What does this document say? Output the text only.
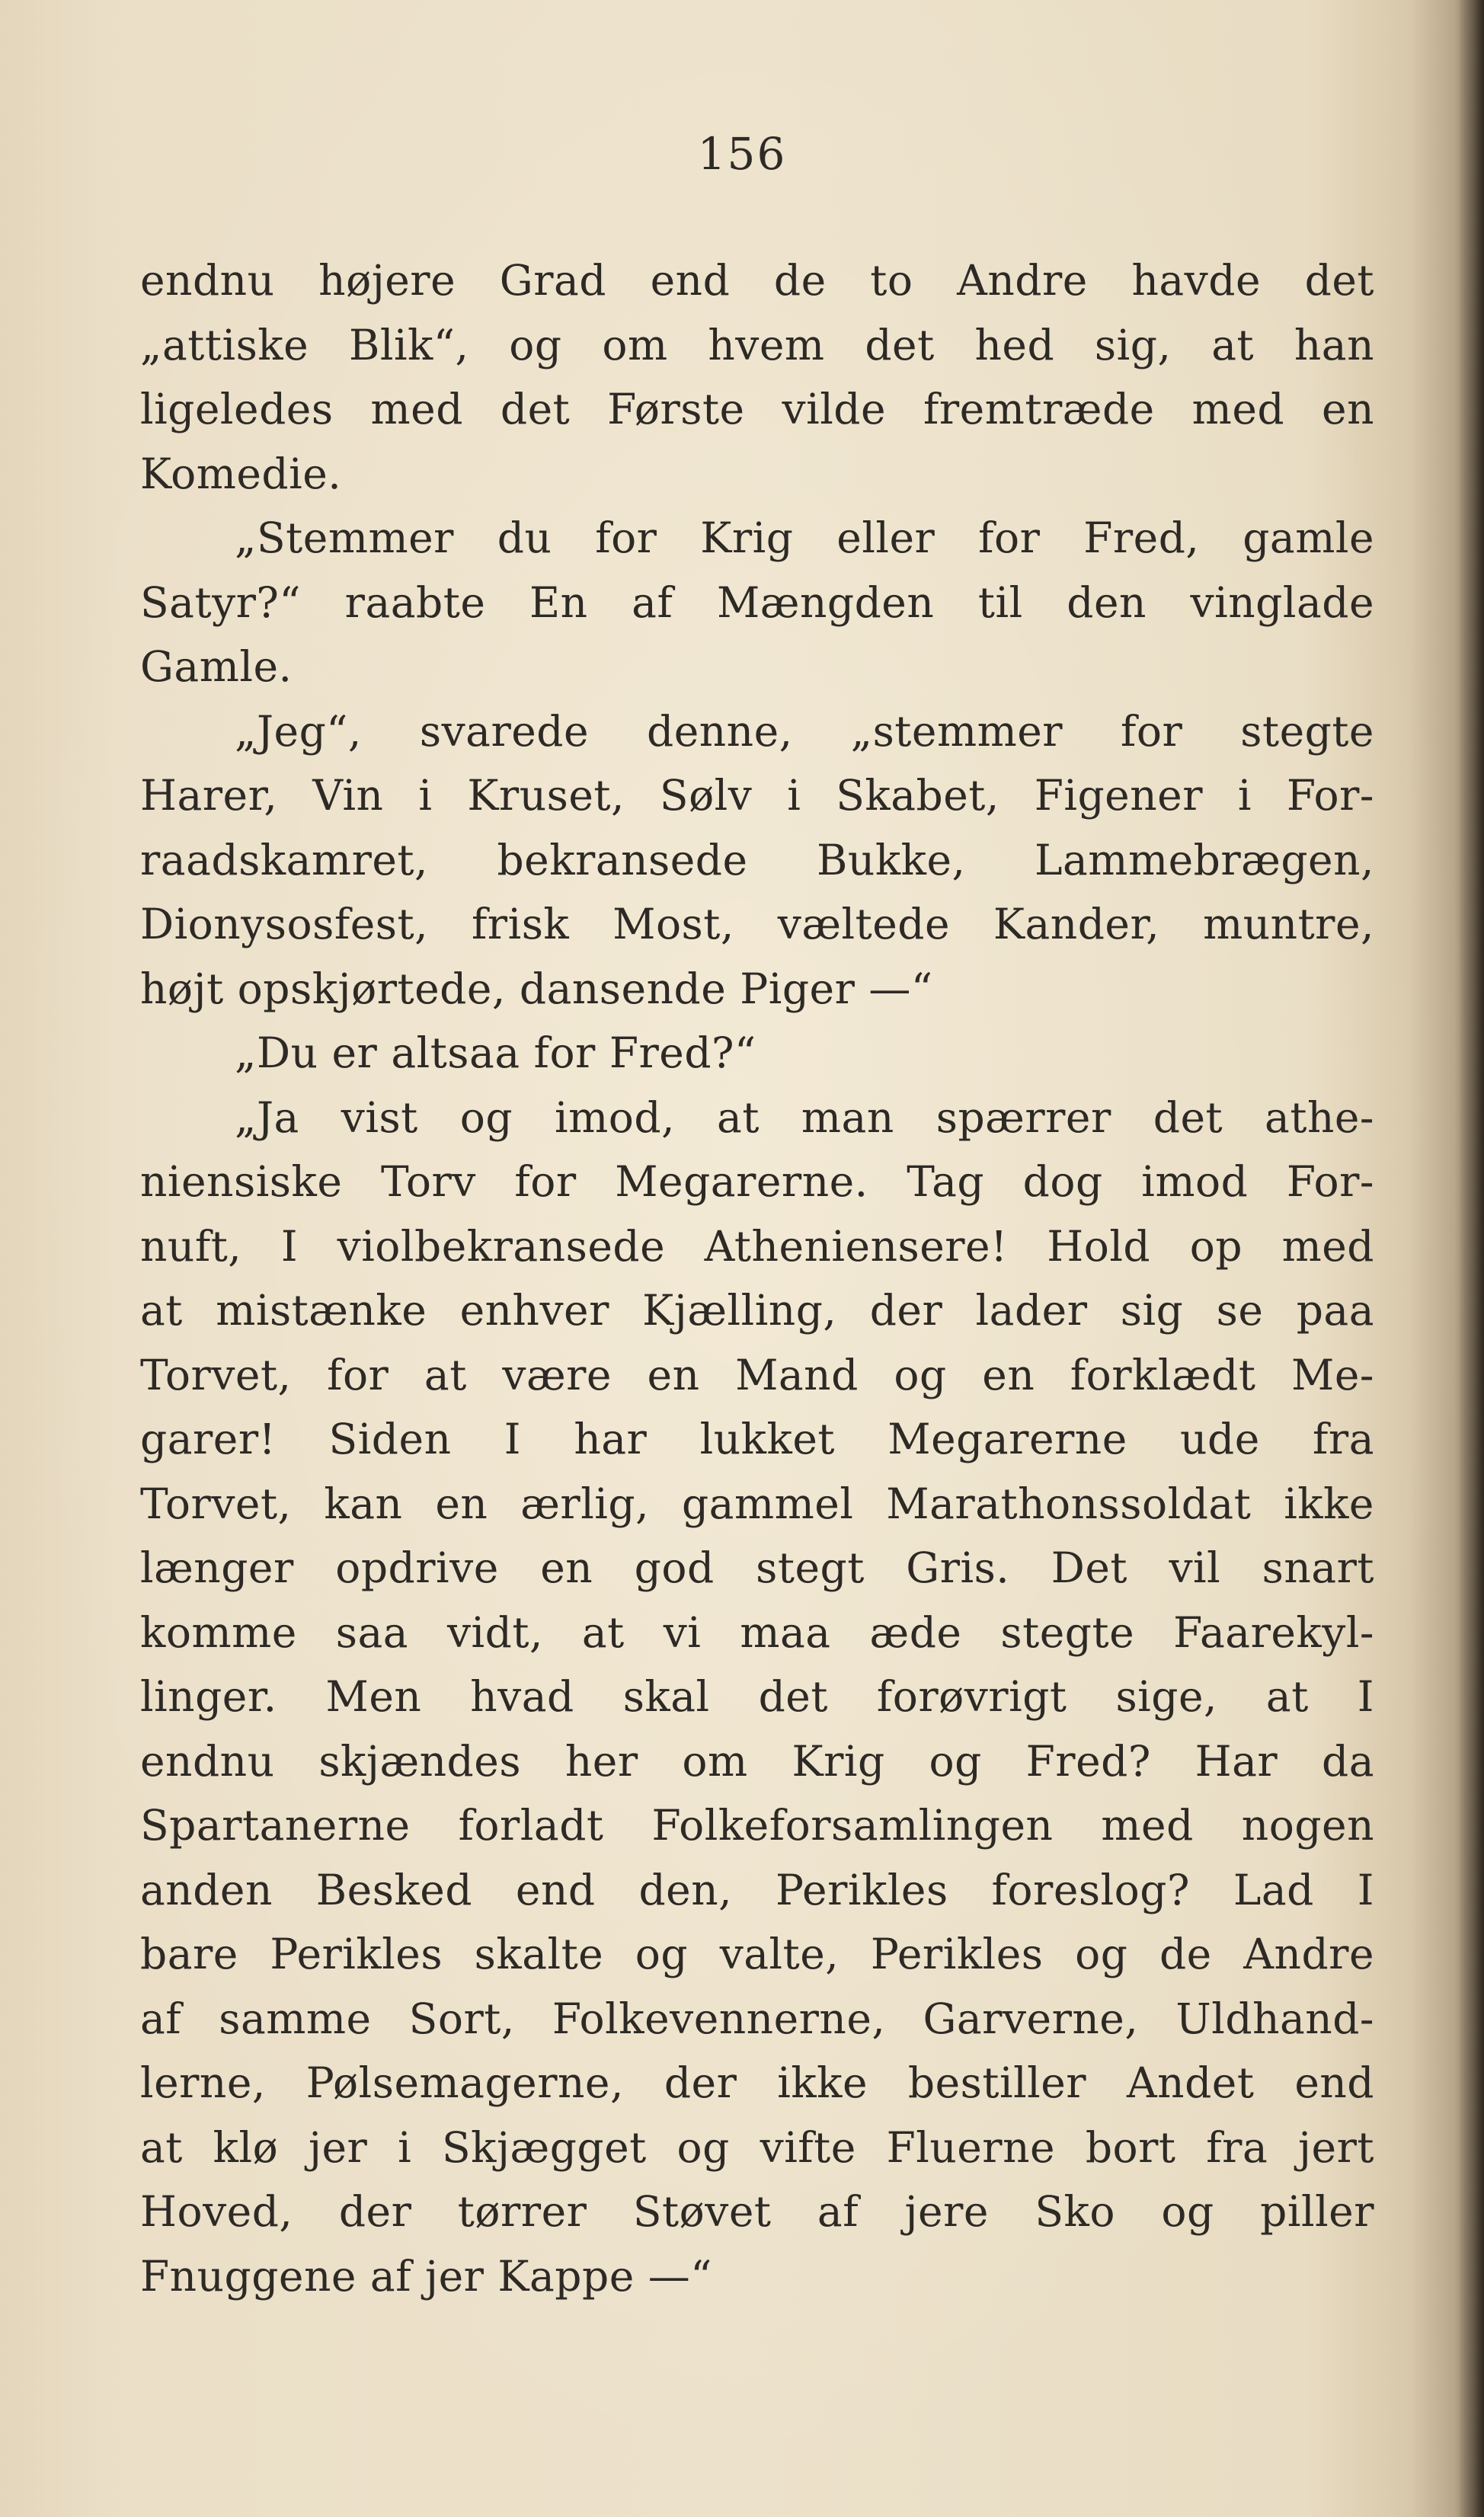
156
endnu højere Grad end de to Andre havde det
„attiske Blik“, og om hvem det hed sig, at han
ligeledes med det Første vilde fremtræde med en
Komedie.
„Stemmer du for Krig eller for Fred, gamle
Satyr?“ raabte En af Mængden til den vinglade
Gamle.
„Jeg“, svarede denne, „stemmer for stegte
Harer, Vin i Kruset, Sølv i Skabet, Figener i For-
raadskamret, bekransede Bukke, Lammebrægen,
Dionysosfest, frisk Most, væltede Kander, muntre,
højt opskjørtede, dansende Piger —“
„Du er altsaa for Fred?“
„Ja vist og imod, at man spærrer det athe-
niensiske Torv for Megarerne. Tag dog imod For-
nuft, I violbekransede Atheniensere! Hold op med
at mistænke enhver Kjælling, der lader sig se paa
Torvet, for at være en Mand og en forklædt Me-
garer! Siden I har lukket Megarerne ude fra
Torvet, kan en ærlig, gammel Marathonssoldat ikke
længer opdrive en god stegt Gris. Det vil snart
komme saa vidt, at vi maa æde stegte Faarekyl-
linger. Men hvad skal det forøvrigt sige, at I
endnu skjændes her om Krig og Fred? Har da
Spartanerne forladt Folkeforsamlingen med nogen
anden Besked end den, Perikles foreslog? Lad I
bare Perikles skalte og valte, Perikles og de Andre
af samme Sort, Folkevennerne, Garverne, Uldhand-
lerne, Pølsemagerne, der ikke bestiller Andet end
at klø jer i Skjægget og vifte Fluerne bort fra jert
Hoved, der tørrer Støvet af jere Sko og piller
Fnuggene af jer Kappe —“
